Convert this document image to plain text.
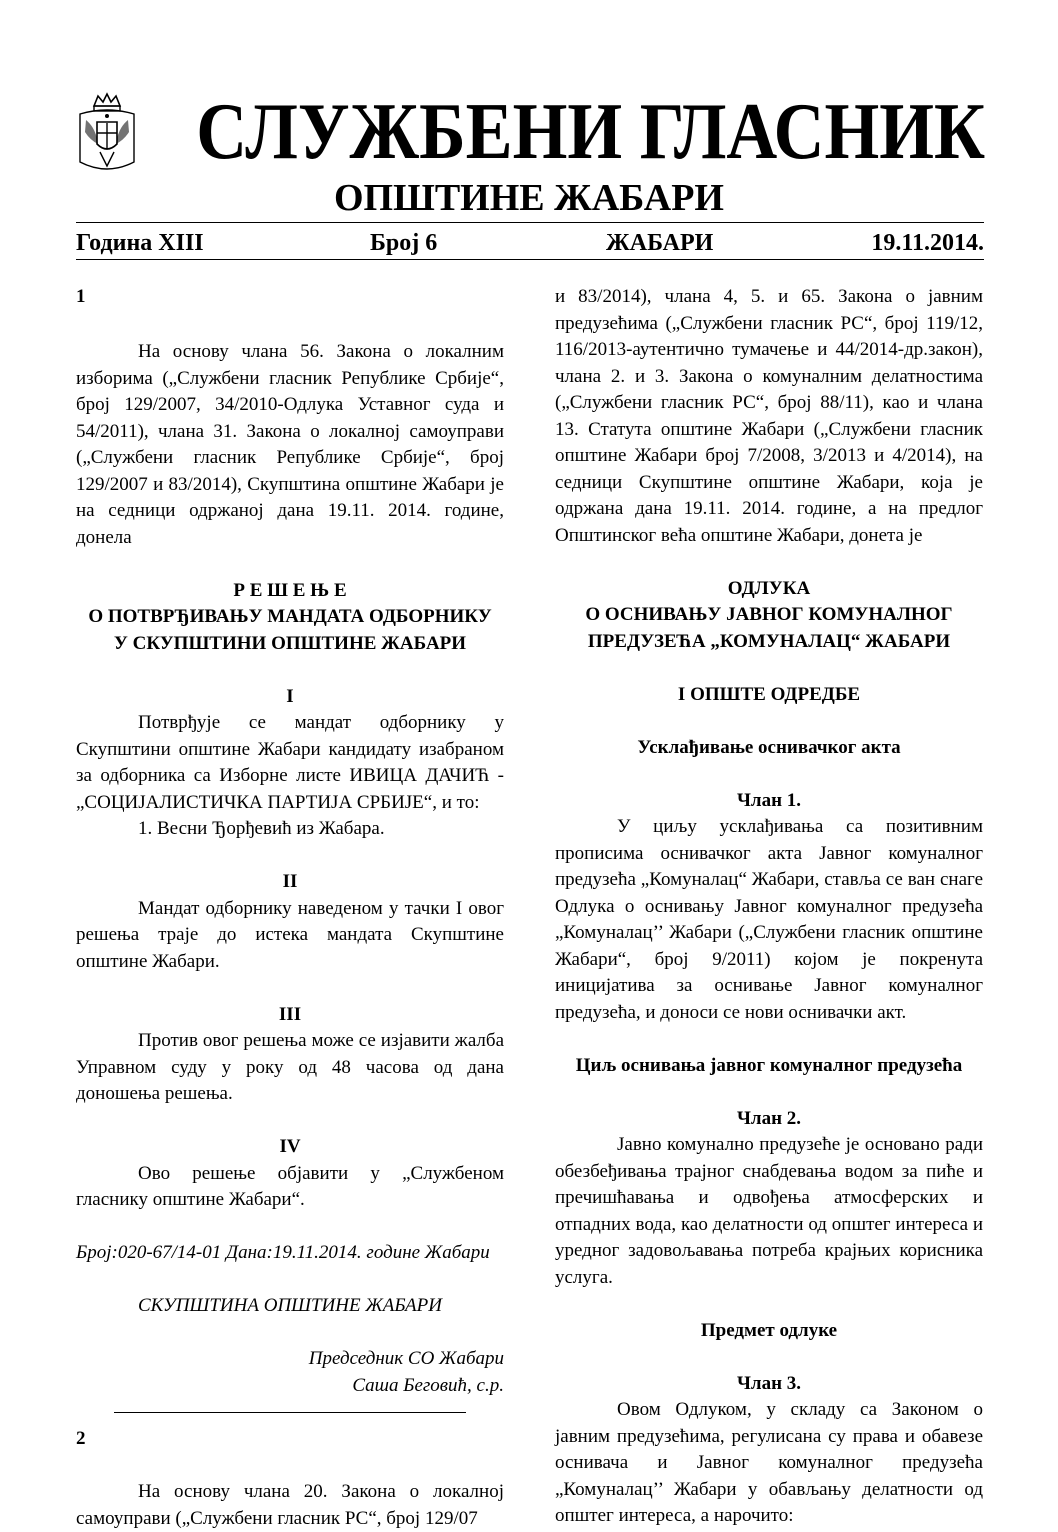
СЛУЖБЕНИ ГЛАСНИК
ОПШТИНЕ ЖАБАРИ
Година XIII	Број 6	ЖАБАРИ	19.11.2014.

1

На основу члана 56. Закона о локалним изборима („Службени гласник Републике Србије“, број 129/2007, 34/2010-Одлука Уставног суда и 54/2011), члана 31. Закона о локалној самоуправи („Службени гласник Републике Србије“, број 129/2007 и 83/2014), Скупштина општине Жабари је на седници одржаној дана 19.11. 2014. године, донела

Р Е Ш Е Њ Е

О ПОТВРЂИВАЊУ МАНДАТА ОДБОРНИКУ

У СКУПШТИНИ ОПШТИНЕ ЖАБАРИ

I

Потврђује се мандат одборнику у Скупштини општине Жабари кандидату изабраном за одборника са Изборне листе ИВИЦА ДАЧИЋ - „СОЦИЈАЛИСТИЧКА ПАРТИЈА СРБИЈЕ“, и то:

1. Весни Ђорђевић из Жабара.

II

Мандат одборнику наведеном у тачки I овог решења траје до истека мандата Скупштине општине Жабари.

III

Против овог решења може се изјавити жалба Управном суду у року од 48 часова од дана доношења решења.

IV

Ово решење објавити у „Службеном гласнику општине Жабари“.

Број:020-67/14-01 Дана:19.11.2014. године Жабари

СКУПШТИНА ОПШТИНЕ ЖАБАРИ

Председник СО Жабари

Саша Беговић, с.р.

2

На основу члана 20. Закона о локалној самоуправи („Службени гласник РС“, број 129/07

и 83/2014), члана 4, 5. и 65. Закона о јавним предузећима („Службени гласник РС“, број 119/12, 116/2013-аутентично тумачење и 44/2014-др.закон), члана 2. и 3. Закона о комуналним делатностима („Службени гласник РС“, број 88/11), као и члана 13. Статута општине Жабари („Службени гласник општине Жабари број 7/2008, 3/2013 и 4/2014), на седници Скупштине општине Жабари, која је одржана дана 19.11. 2014. године, а на предлог Општинског већа општине Жабари, донета је

ОДЛУКА

О ОСНИВАЊУ ЈАВНОГ КОМУНАЛНОГ

ПРЕДУЗЕЋА „КОМУНАЛАЦ“ ЖАБАРИ

I ОПШТЕ ОДРЕДБЕ

Усклађивање оснивачког акта

Члан 1.

У циљу усклађивања са позитивним прописима оснивачког акта Јавног комуналног предузећа „Комуналац“ Жабари, ставља се ван снаге Одлука о оснивању Јавног комуналног предузећа „Комуналац’’ Жабари („Службени гласник општине Жабари“, број 9/2011) којом је покренута иницијатива за оснивање Јавног комуналног предузећа, и доноси се нови оснивачки акт.

Циљ оснивања јавног комуналног предузећа

Члан 2.

Јавно комунално предузеће је основано ради обезбеђивања трајног снабдевања водом за пиће и пречишћавања и одвођења атмосферских и отпадних вода, као делатности од општег интереса и уредног задовољавања потреба крајњих корисника услуга.

Предмет одлуке

Члан 3.

Овом Одлуком, у складу са Законом о јавним предузећима, регулисана су права и обавезе оснивача и Јавног комуналног предузећа „Комуналац’’ Жабари у обављању делатности од општег интереса, а нарочито:
